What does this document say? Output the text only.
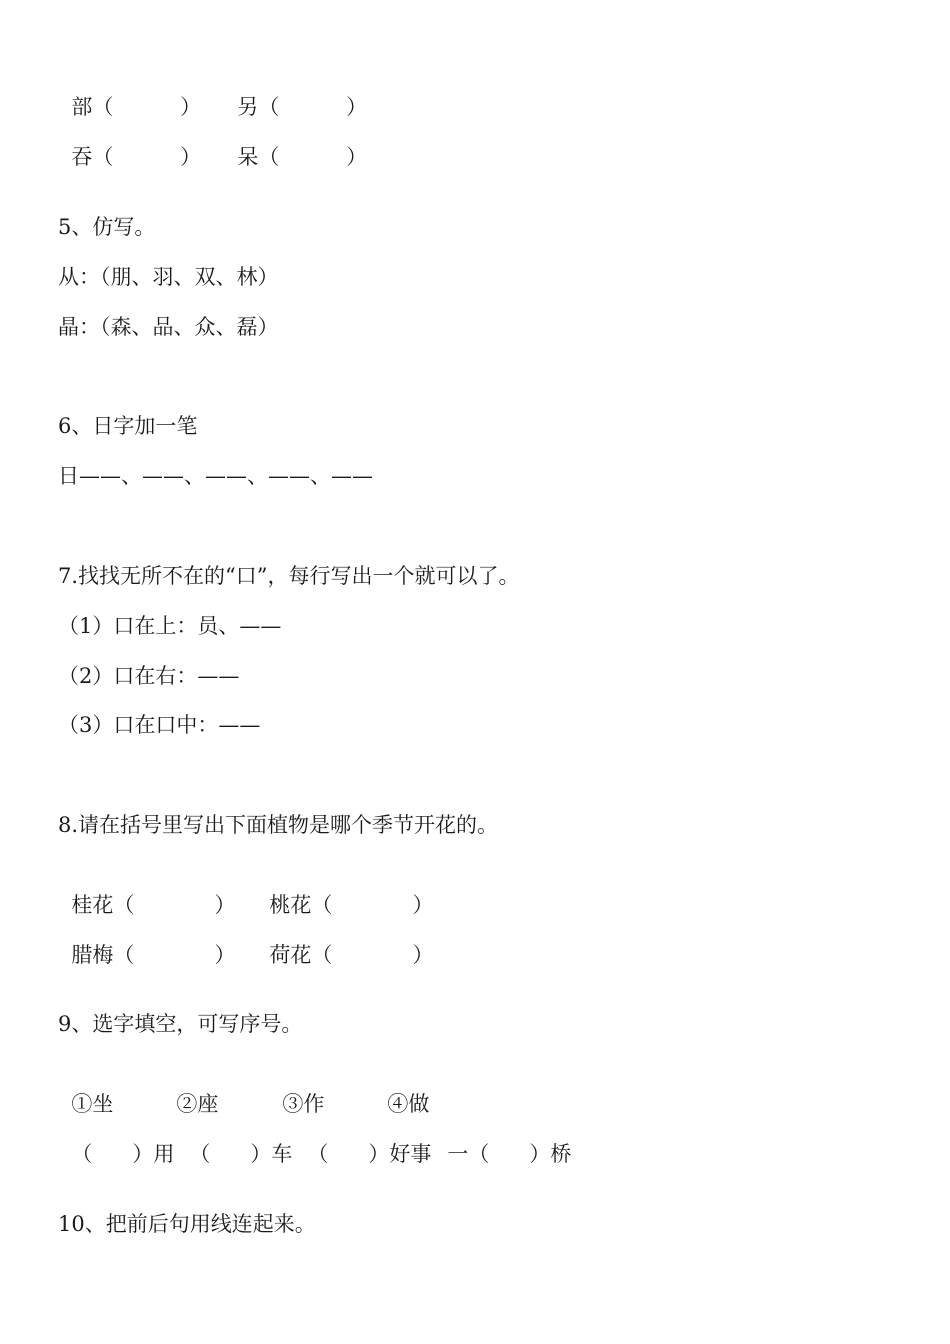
部（          ） 另（          ）

吞（          ） 呆（          ）

5、仿写。
从：（朋、羽、双、林）
晶：（森、品、众、磊）
6、日字加一笔
日——、——、——、——、——
7.找找无所不在的“口”，每行写出一个就可以了。
（1）口在上：员、——
（2）口在右：——
（3）口在口中：——
8.请在括号里写出下面植物是哪个季节开花的。

桂花（            ） 桃花（            ）

腊梅（            ） 荷花（            ）

9、选字填空，可写序号。

①坐	②座	③作	④做

（      ）用 （      ）车 （      ）好事 一（      ）桥

10、把前后句用线连起来。
